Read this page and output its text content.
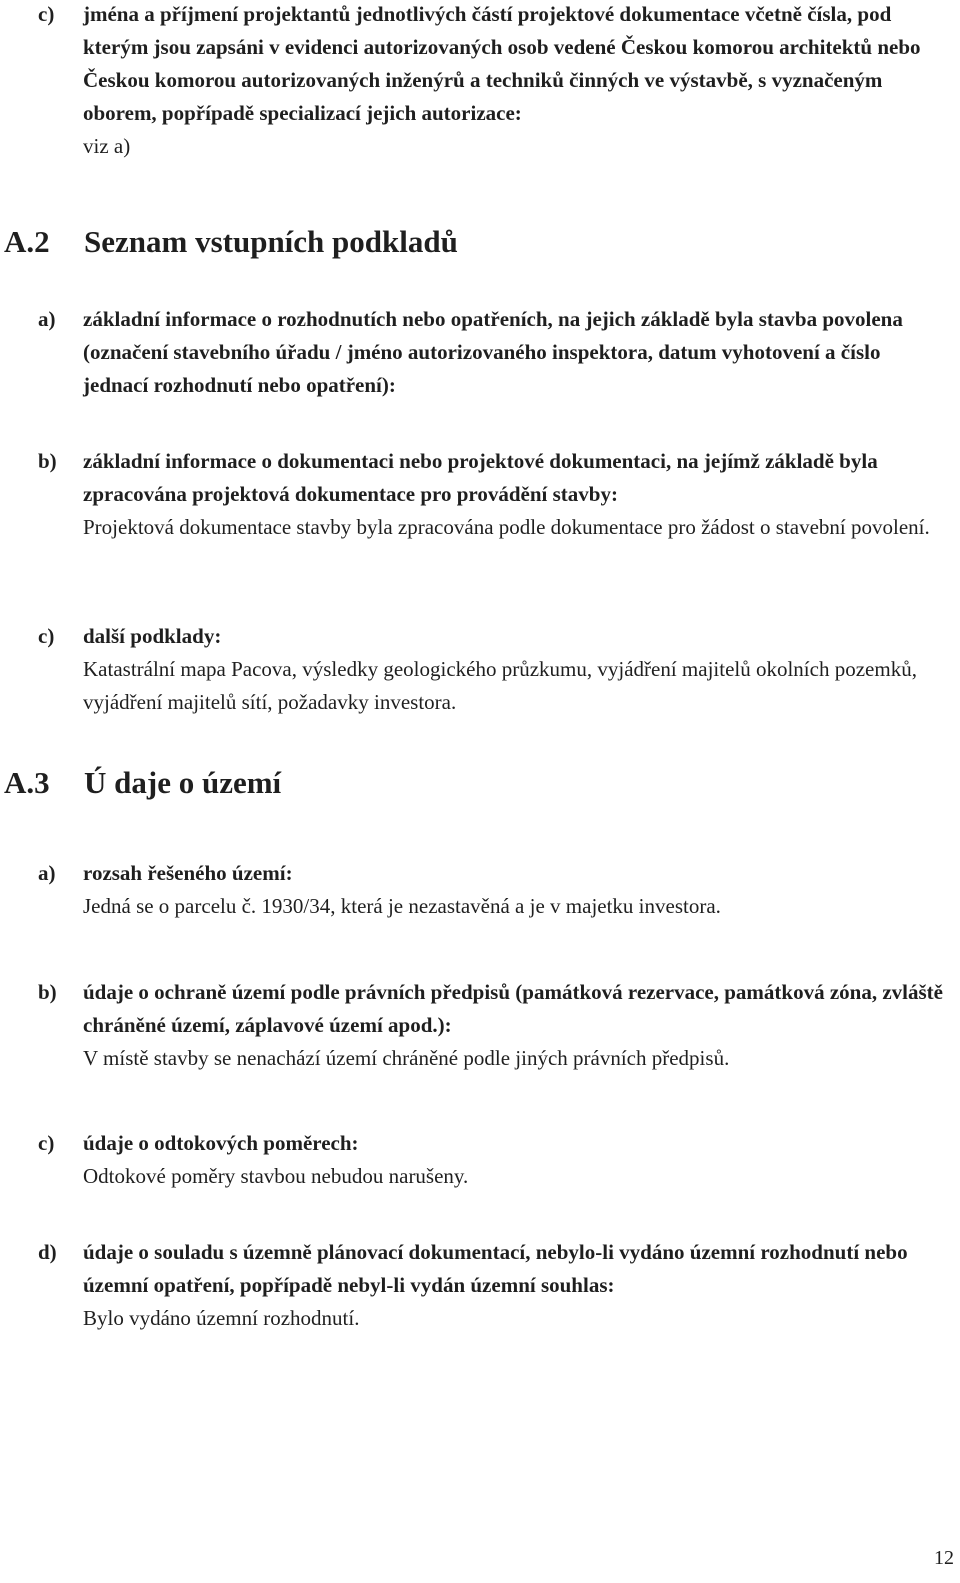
c)	jména a příjmení projektantů jednotlivých částí projektové dokumentace včetně čísla, pod kterým jsou zapsáni v evidenci autorizovaných osob vedené Českou komorou architektů nebo Českou komorou autorizovaných inženýrů a techniků činných ve výstavbě, s vyznačeným oborem, popřípadě specializací jejich autorizace:
viz a)
A.2 Seznam vstupních podkladů
a)	základní informace o rozhodnutích nebo opatřeních, na jejich základě byla stavba povolena (označení stavebního úřadu / jméno autorizovaného inspektora, datum vyhotovení a číslo jednací rozhodnutí nebo opatření):
b)	základní informace o dokumentaci nebo projektové dokumentaci, na jejímž základě byla zpracována projektová dokumentace pro provádění stavby:
Projektová dokumentace stavby byla zpracována podle dokumentace pro žádost o stavební povolení.
c)	další podklady:
Katastrální mapa Pacova, výsledky geologického průzkumu, vyjádření majitelů okolních pozemků, vyjádření majitelů sítí, požadavky investora.
A.3 Ú daje o území
a)	rozsah řešeného území:
Jedná se o parcelu č. 1930/34, která je nezastavěná a je v majetku investora.
b)	údaje o ochraně území podle právních předpisů (památková rezervace, památková zóna, zvláště chráněné území, záplavové území apod.):
V místě stavby se nenachází území chráněné podle jiných právních předpisů.
c)	údaje o odtokových poměrech:
Odtokové poměry stavbou nebudou narušeny.
d)	údaje o souladu s územně plánovací dokumentací, nebylo-li vydáno územní rozhodnutí nebo územní opatření, popřípadě nebyl-li vydán územní souhlas:
Bylo vydáno územní rozhodnutí.
12
